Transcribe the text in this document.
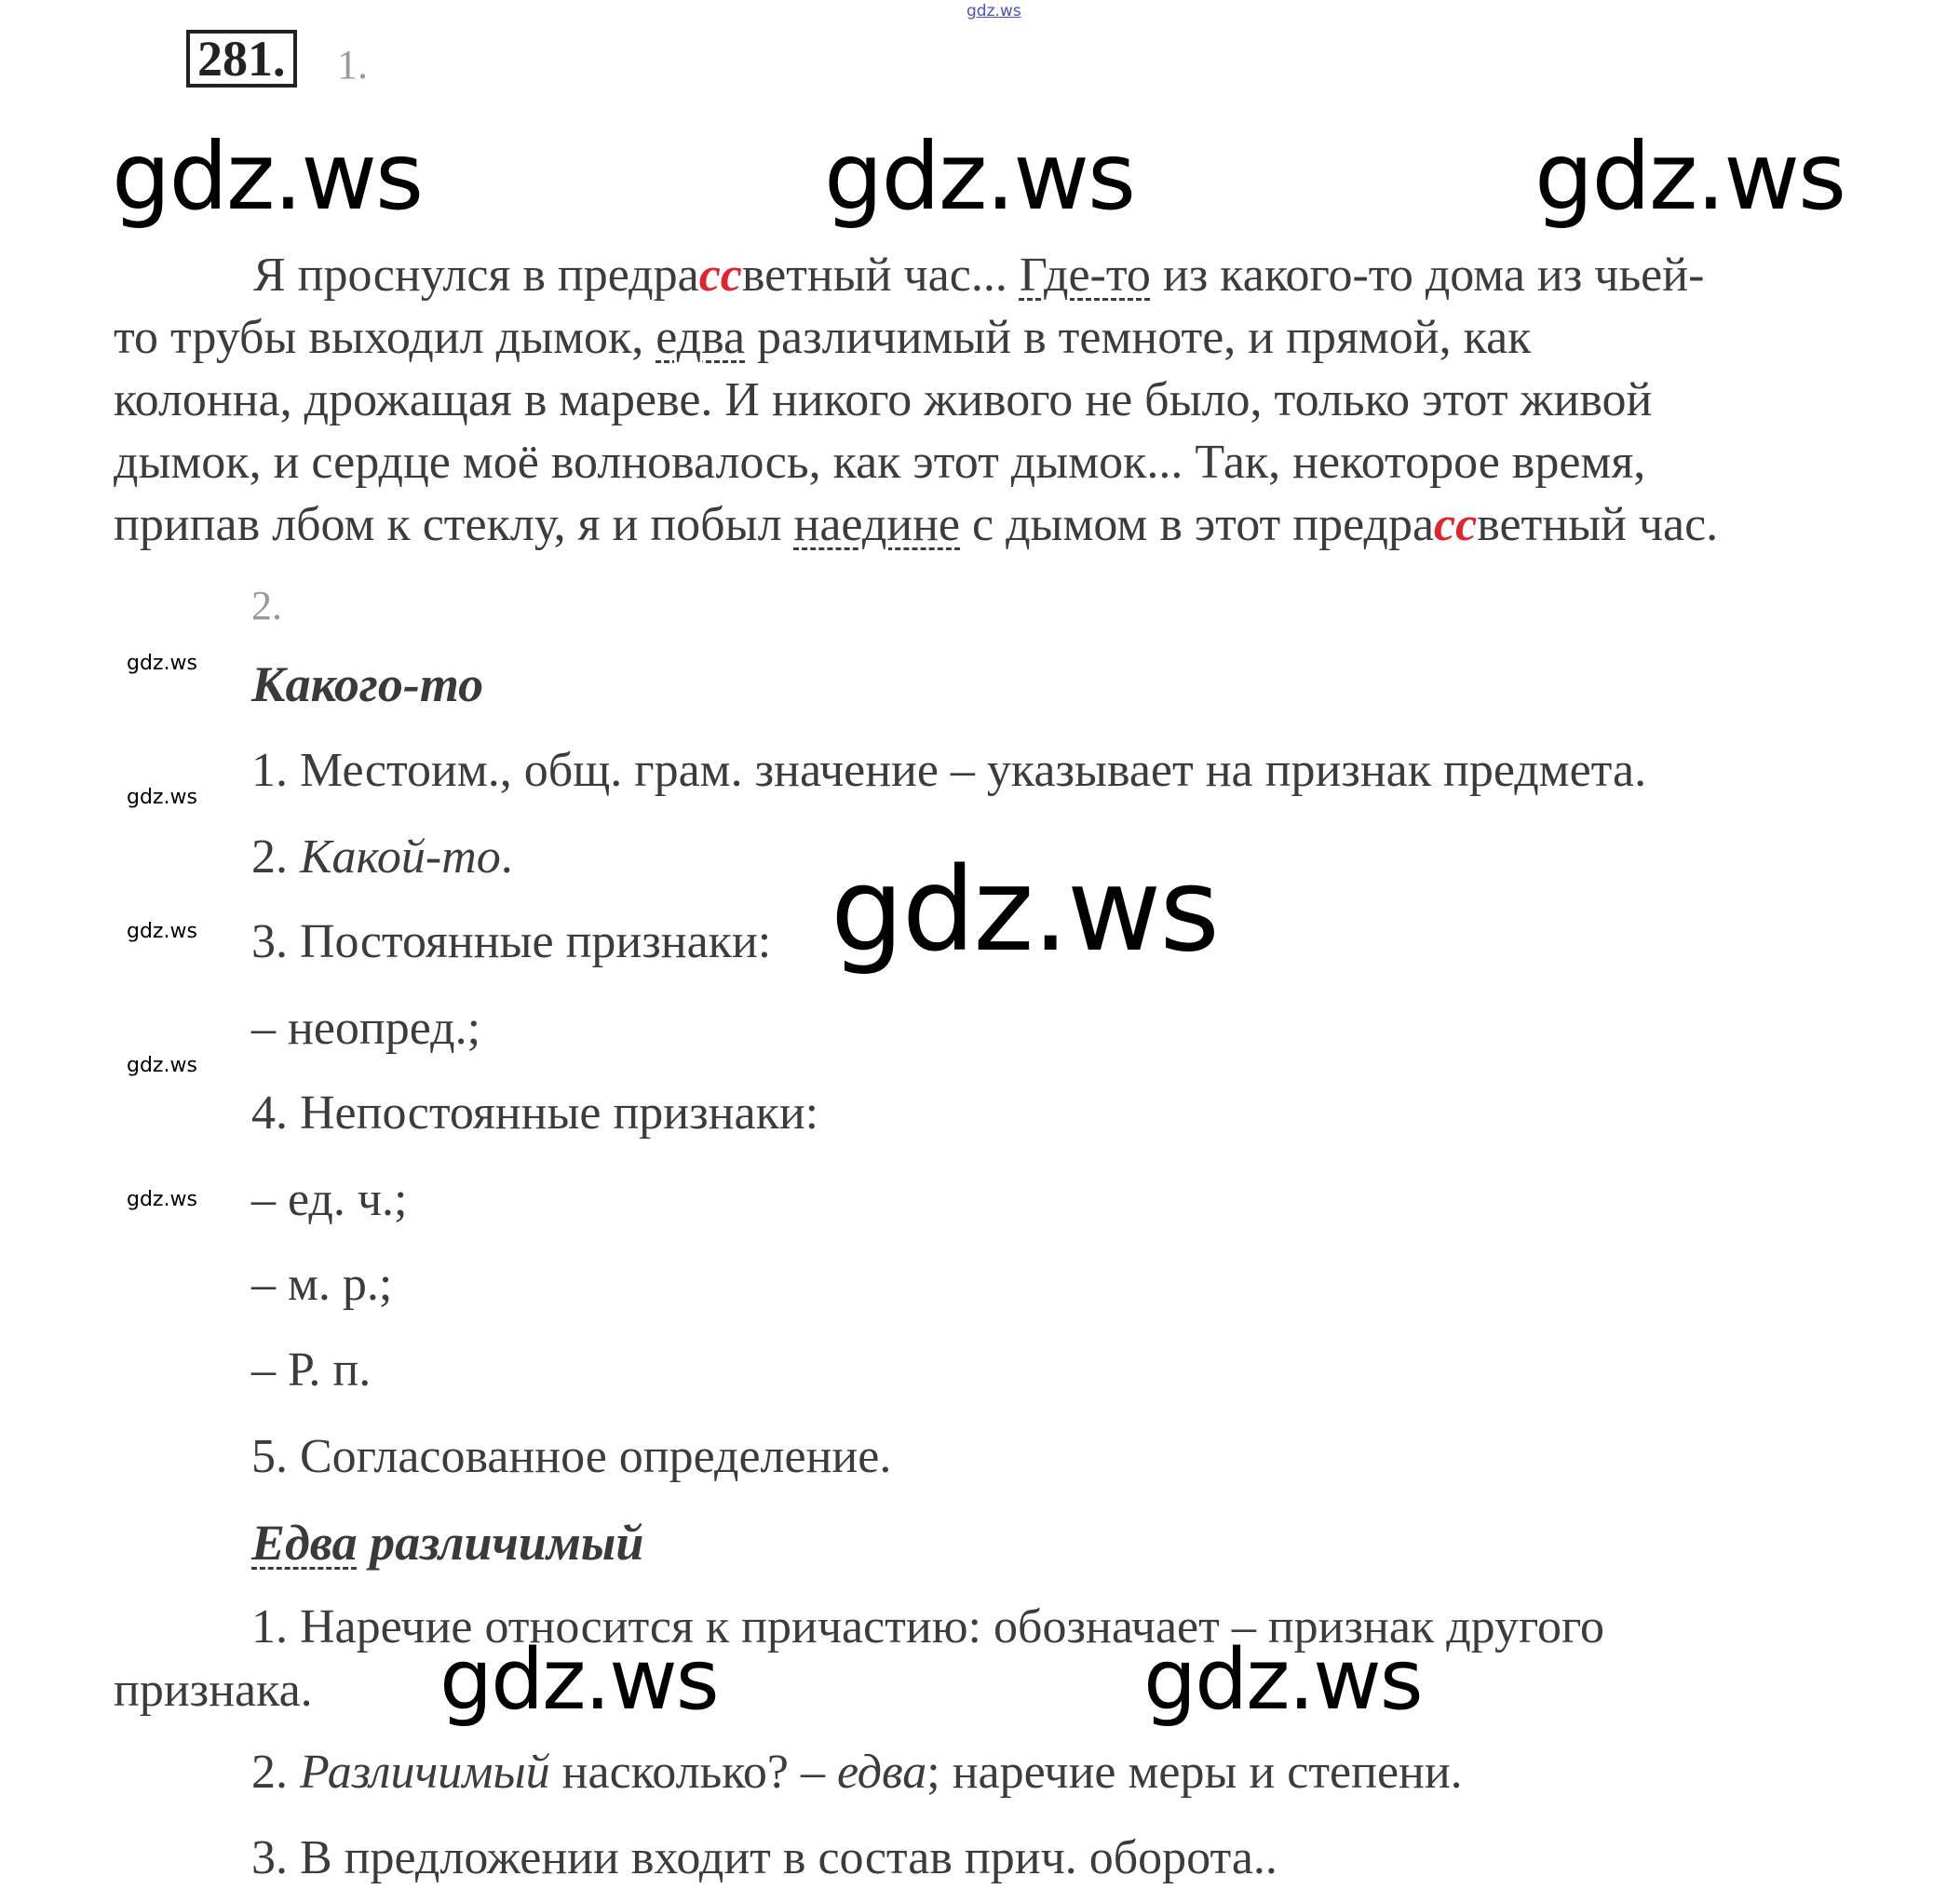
gdz.ws
281. 1.
gdz.ws	gdz.ws	gdz.ws
Я проснулся в предрассветный час... Где-то из какого-то дома из чьей-
то трубы выходил дымок, едва различимый в темноте, и прямой, как
колонна, дрожащая в мареве. И никого живого не было, только этот живой
дымок, и сердце моё волновалось, как этот дымок... Так, некоторое время,
припав лбом к стеклу, я и побыл наедине с дымом в этот предрассветный час.
2.
gdz.ws
gdz.ws
gdz.ws
gdz.ws
gdz.ws
Какого-то
1. Местоим., общ. грам. значение – указывает на признак предмета.
2. Какой-то.
3. Постоянные признаки:
– неопред.;
4. Непостоянные признаки:
– ед. ч.;
– м. р.;
– Р. п.
5. Согласованное определение.
gdz.ws
Едва различимый
1. Наречие относится к причастию: обозначает – признак другого
признака. gdz.ws	gdz.ws
2. Различимый насколько? – едва; наречие меры и степени.
3. В предложении входит в состав прич. оборота..
